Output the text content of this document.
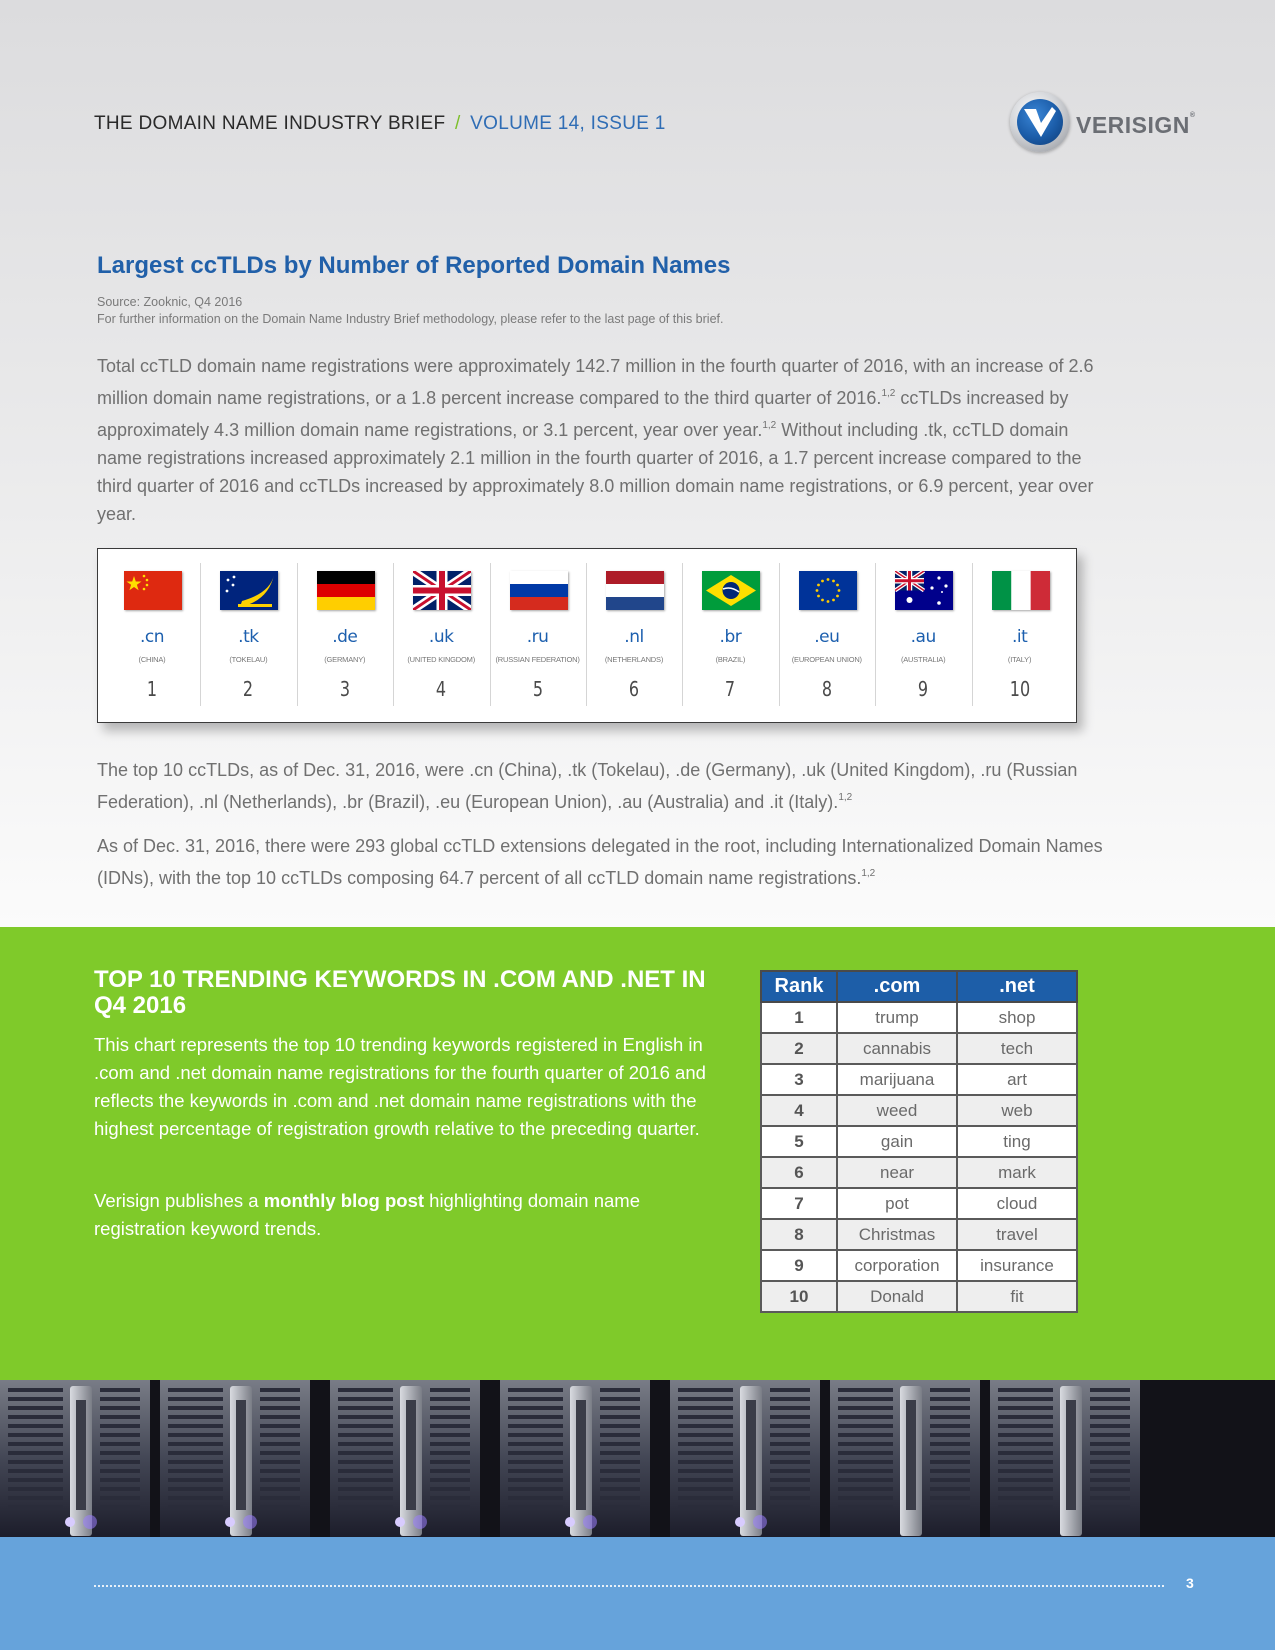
THE DOMAIN NAME INDUSTRY BRIEF / VOLUME 14, ISSUE 1	VERISIGN®
Largest ccTLDs by Number of Reported Domain Names
Source: Zooknic, Q4 2016
For further information on the Domain Name Industry Brief methodology, please refer to the last page of this brief.
Total ccTLD domain name registrations were approximately 142.7 million in the fourth quarter of 2016, with an increase of 2.6 million domain name registrations, or a 1.8 percent increase compared to the third quarter of 2016.$^{1,2}$ ccTLDs increased by approximately 4.3 million domain name registrations, or 3.1 percent, year over year.$^{1,2}$ Without including .tk, ccTLD domain name registrations increased approximately 2.1 million in the fourth quarter of 2016, a 1.7 percent increase compared to the third quarter of 2016 and ccTLDs increased by approximately 8.0 million domain name registrations, or 6.9 percent, year over year.
.cn
(CHINA)
1
.tk
(TOKELAU)
2
.de
(GERMANY)
3
.uk
(UNITED KINGDOM)
4
.ru
(RUSSIAN FEDERATION)
5
.nl
(NETHERLANDS)
6
.br
(BRAZIL)
7
.eu
(EUROPEAN UNION)
8
.au
(AUSTRALIA)
9
.it
(ITALY)
10
The top 10 ccTLDs, as of Dec. 31, 2016, were .cn (China), .tk (Tokelau), .de (Germany), .uk (United Kingdom), .ru (Russian Federation), .nl (Netherlands), .br (Brazil), .eu (European Union), .au (Australia) and .it (Italy).$^{1,2}$
As of Dec. 31, 2016, there were 293 global ccTLD extensions delegated in the root, including Internationalized Domain Names (IDNs), with the top 10 ccTLDs composing 64.7 percent of all ccTLD domain name registrations.$^{1,2}$
TOP 10 TRENDING KEYWORDS IN .COM AND .NET IN Q4 2016
This chart represents the top 10 trending keywords registered in English in .com and .net domain name registrations for the fourth quarter of 2016 and reflects the keywords in .com and .net domain name registrations with the highest percentage of registration growth relative to the preceding quarter.
Verisign publishes a monthly blog post highlighting domain name registration keyword trends.
Rank	.com	.net
1	trump	shop
2	cannabis	tech
3	marijuana	art
4	weed	web
5	gain	ting
6	near	mark
7	pot	cloud
8	Christmas	travel
9	corporation	insurance
10	Donald	fit
3
